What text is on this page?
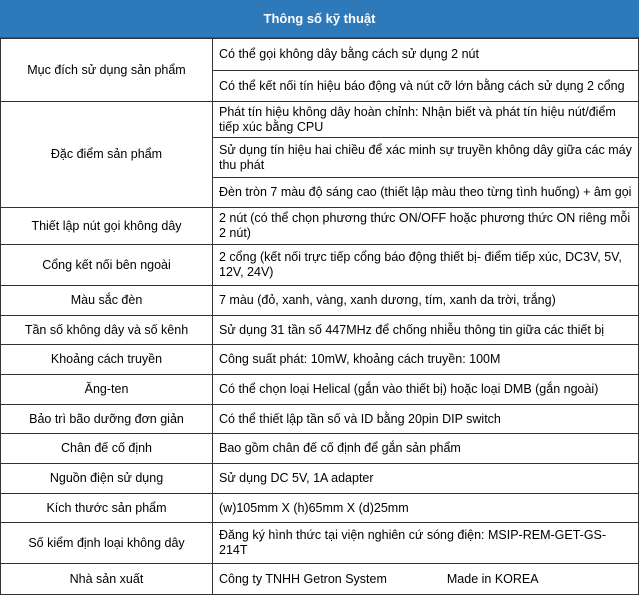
Thông số kỹ thuật
Mục đích sử dụng sản phẩm	Có thể gọi không dây bằng cách sử dụng 2 nút
	Có thể kết nối tín hiệu báo động và nút cỡ lớn bằng cách sử dụng 2 cổng
Đặc điểm sản phẩm	Phát tín hiệu không dây hoàn chỉnh: Nhận biết và phát tín hiệu nút/điểm tiếp xúc bằng CPU
	Sử dụng tín hiệu hai chiều để xác minh sự truyền không dây giữa các máy thu phát
	Đèn tròn 7 màu độ sáng cao (thiết lập màu theo từng tình huống) + âm gọi
Thiết lập nút gọi không dây	2 nút (có thể chọn phương thức ON/OFF hoặc phương thức ON riêng mỗi 2 nút)
Cổng kết nối bên ngoài	2 cổng (kết nối trực tiếp cổng báo động thiết bị- điểm tiếp xúc, DC3V, 5V, 12V, 24V)
Màu sắc đèn	7 màu (đỏ, xanh, vàng, xanh dương, tím, xanh da trời, trắng)
Tần số không dây và số kênh	Sử dụng 31 tần số 447MHz để chống nhiễu thông tin giữa các thiết bị
Khoảng cách truyền	Công suất phát: 10mW, khoảng cách truyền: 100M
Ăng-ten	Có thể chọn loại Helical (gắn vào thiết bị) hoặc loại DMB (gắn ngoài)
Bảo trì bão dưỡng đơn giản	Có thể thiết lập tần số và ID bằng 20pin DIP switch
Chân đế cố định	Bao gồm chân đế cố định để gắn sản phẩm
Nguồn điện sử dụng	Sử dụng DC 5V, 1A adapter
Kích thước sản phẩm	(w)105mm X (h)65mm X (d)25mm
Số kiểm định loại không dây	Đăng ký hình thức tại viện nghiên cứ sóng điện: MSIP-REM-GET-GS-214T
Nhà sản xuất	Công ty TNHH Getron System Made in KOREA
